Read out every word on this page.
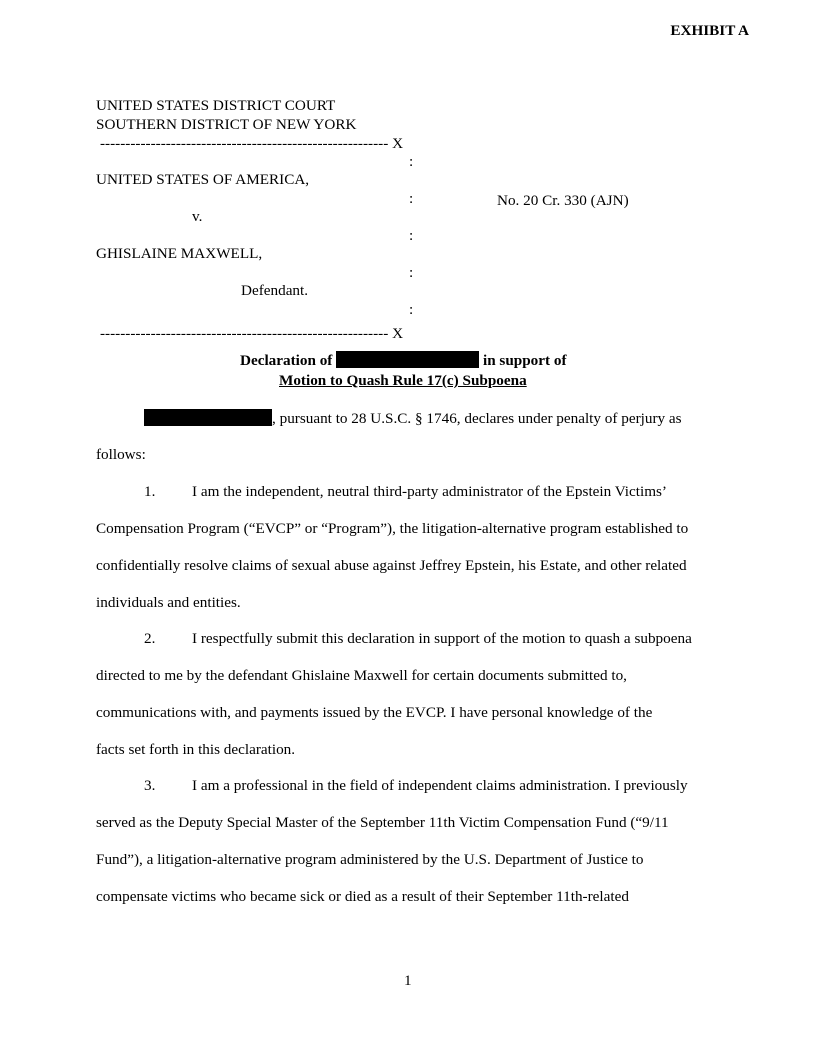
EXHIBIT A
UNITED STATES DISTRICT COURT
SOUTHERN DISTRICT OF NEW YORK
--------------------------------------------------------- X
:
UNITED STATES OF AMERICA,
:	No. 20 Cr. 330 (AJN)
v.
:
GHISLAINE MAXWELL,
:
Defendant.
:
--------------------------------------------------------- X
Declaration of	in support of
Motion to Quash Rule 17(c) Subpoena
, pursuant to 28 U.S.C. § 1746, declares under penalty of perjury as
follows:
1. I am the independent, neutral third-party administrator of the Epstein Victims’
Compensation Program (“EVCP” or “Program”), the litigation-alternative program established to
confidentially resolve claims of sexual abuse against Jeffrey Epstein, his Estate, and other related
individuals and entities.
2. I respectfully submit this declaration in support of the motion to quash a subpoena
directed to me by the defendant Ghislaine Maxwell for certain documents submitted to,
communications with, and payments issued by the EVCP. I have personal knowledge of the
facts set forth in this declaration.
3. I am a professional in the field of independent claims administration. I previously
served as the Deputy Special Master of the September 11th Victim Compensation Fund (“9/11
Fund”), a litigation-alternative program administered by the U.S. Department of Justice to
compensate victims who became sick or died as a result of their September 11th-related
1
